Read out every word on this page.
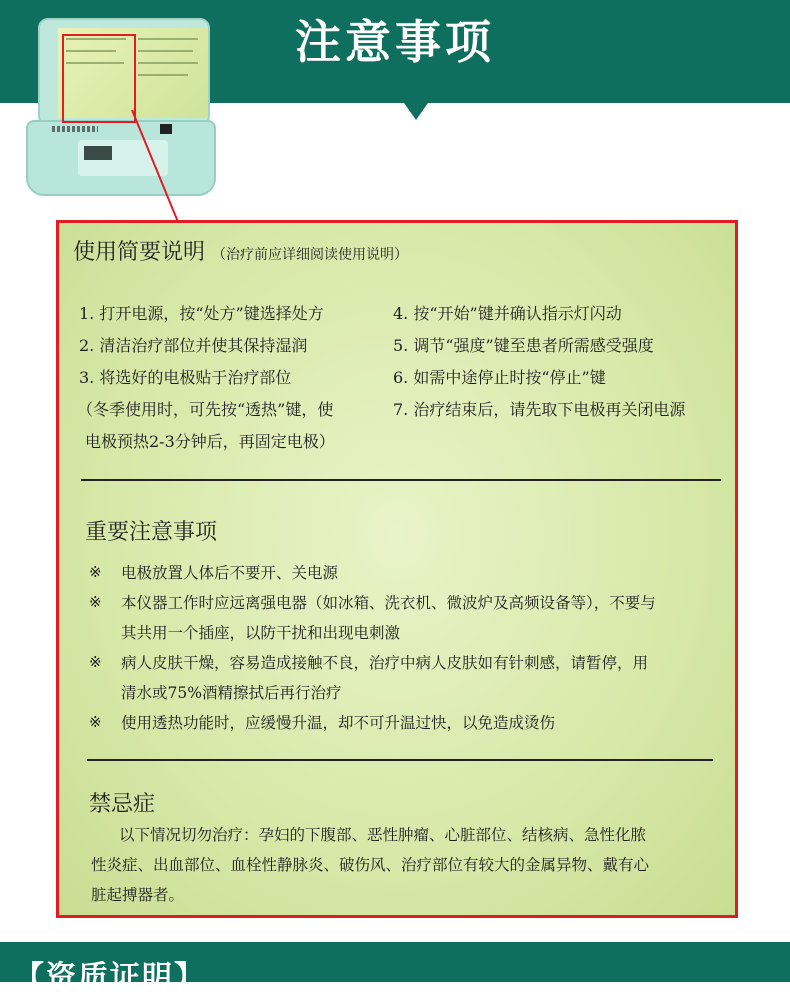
注意事项
使用简要说明 （治疗前应详细阅读使用说明）
1. 打开电源，按“处方”键选择处方
2. 清洁治疗部位并使其保持湿润
3. 将选好的电极贴于治疗部位
（冬季使用时，可先按“透热”键，使
电极预热2-3分钟后，再固定电极）
4. 按“开始”键并确认指示灯闪动
5. 调节“强度”键至患者所需感受强度
6. 如需中途停止时按“停止”键
7. 治疗结束后，请先取下电极再关闭电源
重要注意事项
※ 电极放置人体后不要开、关电源
※ 本仪器工作时应远离强电器（如冰箱、洗衣机、微波炉及高频设备等），不要与
其共用一个插座，以防干扰和出现电刺激
※ 病人皮肤干燥，容易造成接触不良，治疗中病人皮肤如有针刺感，请暂停，用
清水或75%酒精擦拭后再行治疗
※ 使用透热功能时，应缓慢升温，却不可升温过快，以免造成烫伤
禁忌症
以下情况切勿治疗：孕妇的下腹部、恶性肿瘤、心脏部位、结核病、急性化脓
性炎症、出血部位、血栓性静脉炎、破伤风、治疗部位有较大的金属异物、戴有心
脏起搏器者。
【资质证明】
